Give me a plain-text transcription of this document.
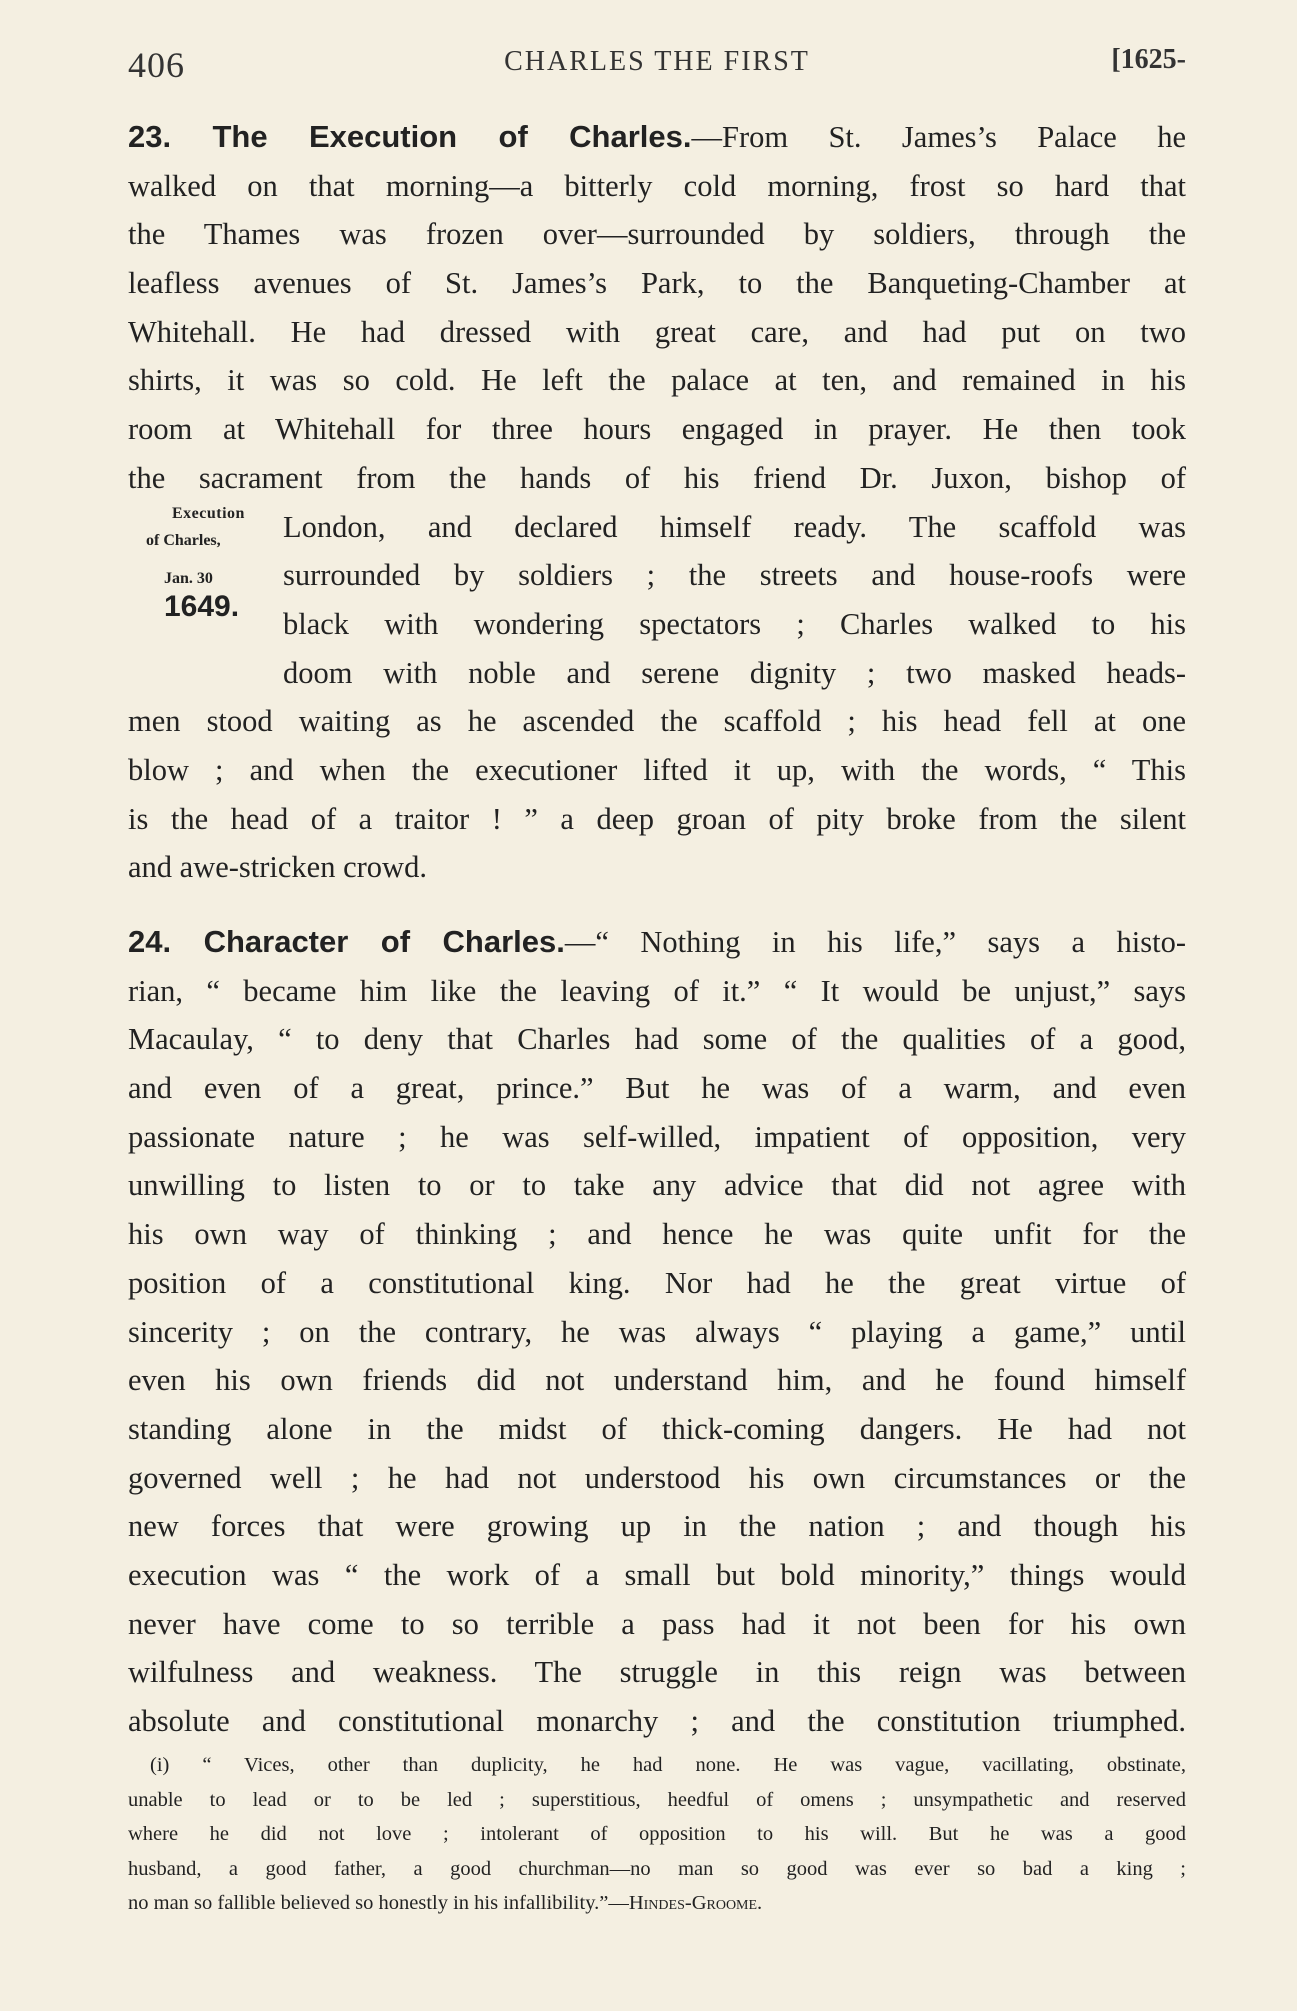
406	CHARLES THE FIRST	[1625-
23. The Execution of Charles.—From St. James’s Palace he
walked on that morning—a bitterly cold morning, frost so hard that
the Thames was frozen over—surrounded by soldiers, through the
leafless avenues of St. James’s Park, to the Banqueting-Chamber at
Whitehall. He had dressed with great care, and had put on two
shirts, it was so cold. He left the palace at ten, and remained in his
room at Whitehall for three hours engaged in prayer. He then took
the sacrament from the hands of his friend Dr. Juxon, bishop of
London, and declared himself ready. The scaffold was
surrounded by soldiers ; the streets and house-roofs were
black with wondering spectators ; Charles walked to his
doom with noble and serene dignity ; two masked heads-
men stood waiting as he ascended the scaffold ; his head fell at one
blow ; and when the executioner lifted it up, with the words, “ This
is the head of a traitor ! ” a deep groan of pity broke from the silent
and awe-stricken crowd.
Execution
of Charles,
Jan. 30
1649.
24. Character of Charles.—“ Nothing in his life,” says a histo-
rian, “ became him like the leaving of it.” “ It would be unjust,” says
Macaulay, “ to deny that Charles had some of the qualities of a good,
and even of a great, prince.” But he was of a warm, and even
passionate nature ; he was self-willed, impatient of opposition, very
unwilling to listen to or to take any advice that did not agree with
his own way of thinking ; and hence he was quite unfit for the
position of a constitutional king. Nor had he the great virtue of
sincerity ; on the contrary, he was always “ playing a game,” until
even his own friends did not understand him, and he found himself
standing alone in the midst of thick-coming dangers. He had not
governed well ; he had not understood his own circumstances or the
new forces that were growing up in the nation ; and though his
execution was “ the work of a small but bold minority,” things would
never have come to so terrible a pass had it not been for his own
wilfulness and weakness. The struggle in this reign was between
absolute and constitutional monarchy ; and the constitution triumphed.
(i) “ Vices, other than duplicity, he had none. He was vague, vacillating, obstinate,
unable to lead or to be led ; superstitious, heedful of omens ; unsympathetic and reserved
where he did not love ; intolerant of opposition to his will. But he was a good
husband, a good father, a good churchman—no man so good was ever so bad a king ;
no man so fallible believed so honestly in his infallibility.”—Hindes-Groome.
